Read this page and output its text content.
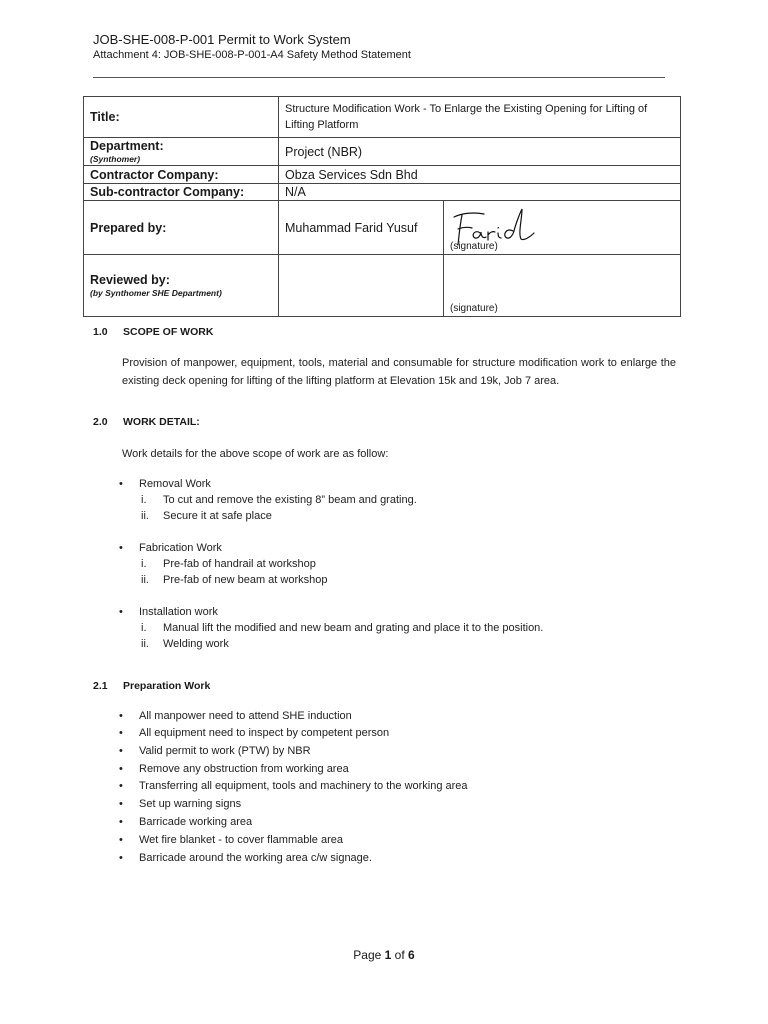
JOB-SHE-008-P-001 Permit to Work System
Attachment 4: JOB-SHE-008-P-001-A4 Safety Method Statement
Title:	Structure Modification Work - To Enlarge the Existing Opening for Lifting of Lifting Platform	
Department:
(Synthomer)	Project (NBR)	
Contractor Company:	Obza Services Sdn Bhd	
Sub-contractor Company:	N/A	
Prepared by:	Muhammad Farid Yusuf	(signature)

Reviewed by:
(by Synthomer SHE Department)		(signature)
1.0 SCOPE OF WORK
Provision of manpower, equipment, tools, material and consumable for structure modification work to enlarge the existing deck opening for lifting of the lifting platform at Elevation 15k and 19k, Job 7 area.
2.0 WORK DETAIL:
Work details for the above scope of work are as follow:
• Removal Work
i. To cut and remove the existing 8” beam and grating.
ii. Secure it at safe place
• Fabrication Work
i. Pre-fab of handrail at workshop
ii. Pre-fab of new beam at workshop
• Installation work
i. Manual lift the modified and new beam and grating and place it to the position.
ii. Welding work
2.1 Preparation Work
• All manpower need to attend SHE induction
• All equipment need to inspect by competent person
• Valid permit to work (PTW) by NBR
• Remove any obstruction from working area
• Transferring all equipment, tools and machinery to the working area
• Set up warning signs
• Barricade working area
• Wet fire blanket - to cover flammable area
• Barricade around the working area c/w signage.
Page 1 of 6
